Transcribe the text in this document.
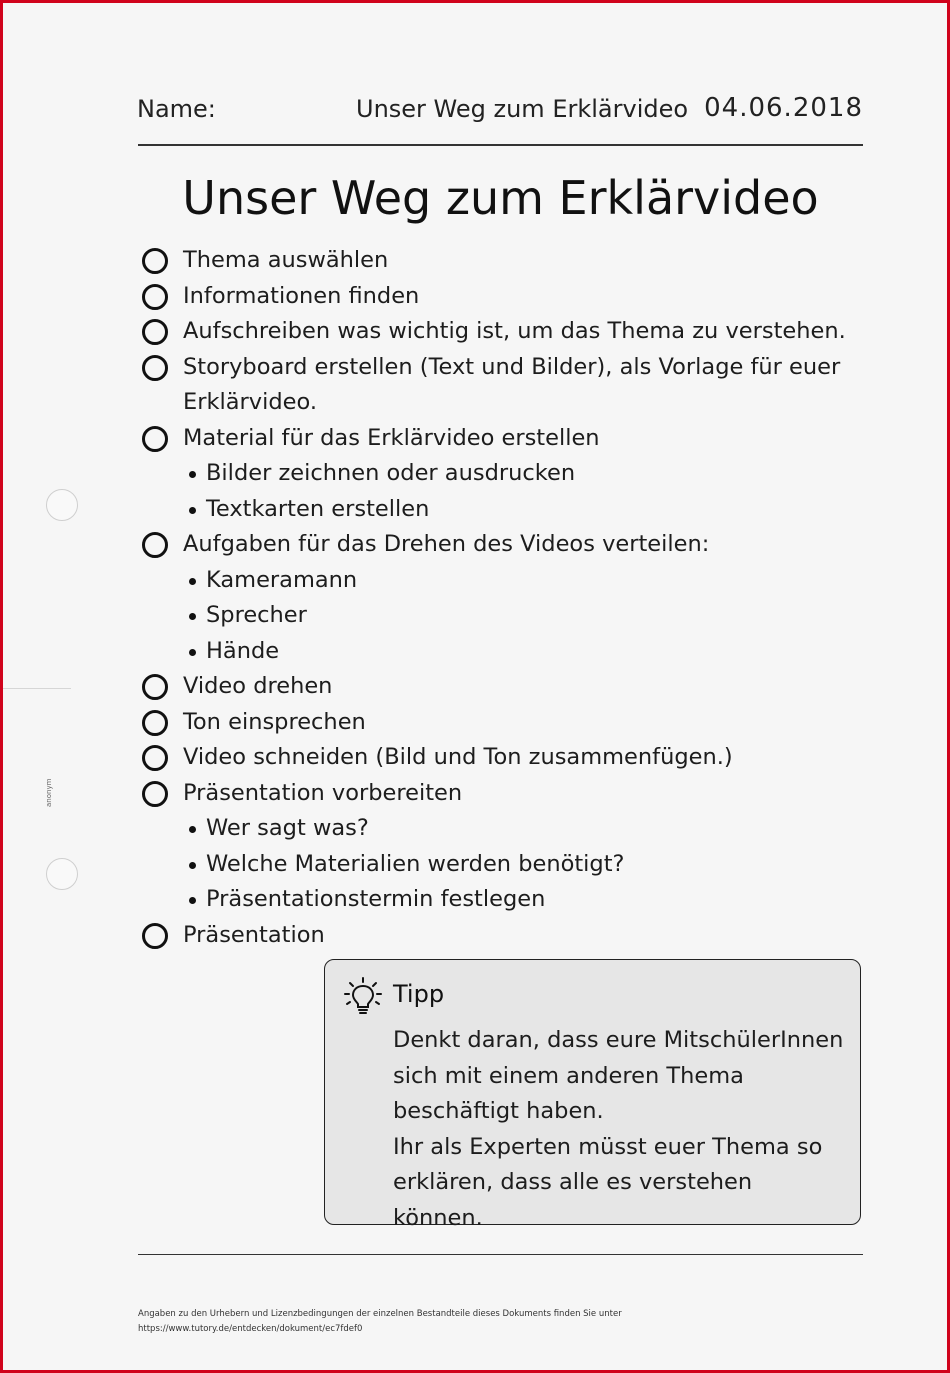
Name:	Unser Weg zum Erklärvideo 04.06.2018
Unser Weg zum Erklärvideo
Thema auswählen
Informationen finden
Aufschreiben was wichtig ist, um das Thema zu verstehen.
Storyboard erstellen (Text und Bilder), als Vorlage für euer Erklärvideo.
Material für das Erklärvideo erstellen
Bilder zeichnen oder ausdrucken
Textkarten erstellen
Aufgaben für das Drehen des Videos verteilen:
Kameramann
Sprecher
Hände
Video drehen
Ton einsprechen
Video schneiden (Bild und Ton zusammenfügen.)
Präsentation vorbereiten
Wer sagt was?
Welche Materialien werden benötigt?
Präsentationstermin festlegen
Präsentation
Tipp

Denkt daran, dass eure MitschülerInnen sich mit einem anderen Thema beschäftigt haben.

Ihr als Experten müsst euer Thema so erklären, dass alle es verstehen können.

Angaben zu den Urhebern und Lizenzbedingungen der einzelnen Bestandteile dieses Dokuments finden Sie unter
https://www.tutory.de/entdecken/dokument/ec7fdef0
anonym
